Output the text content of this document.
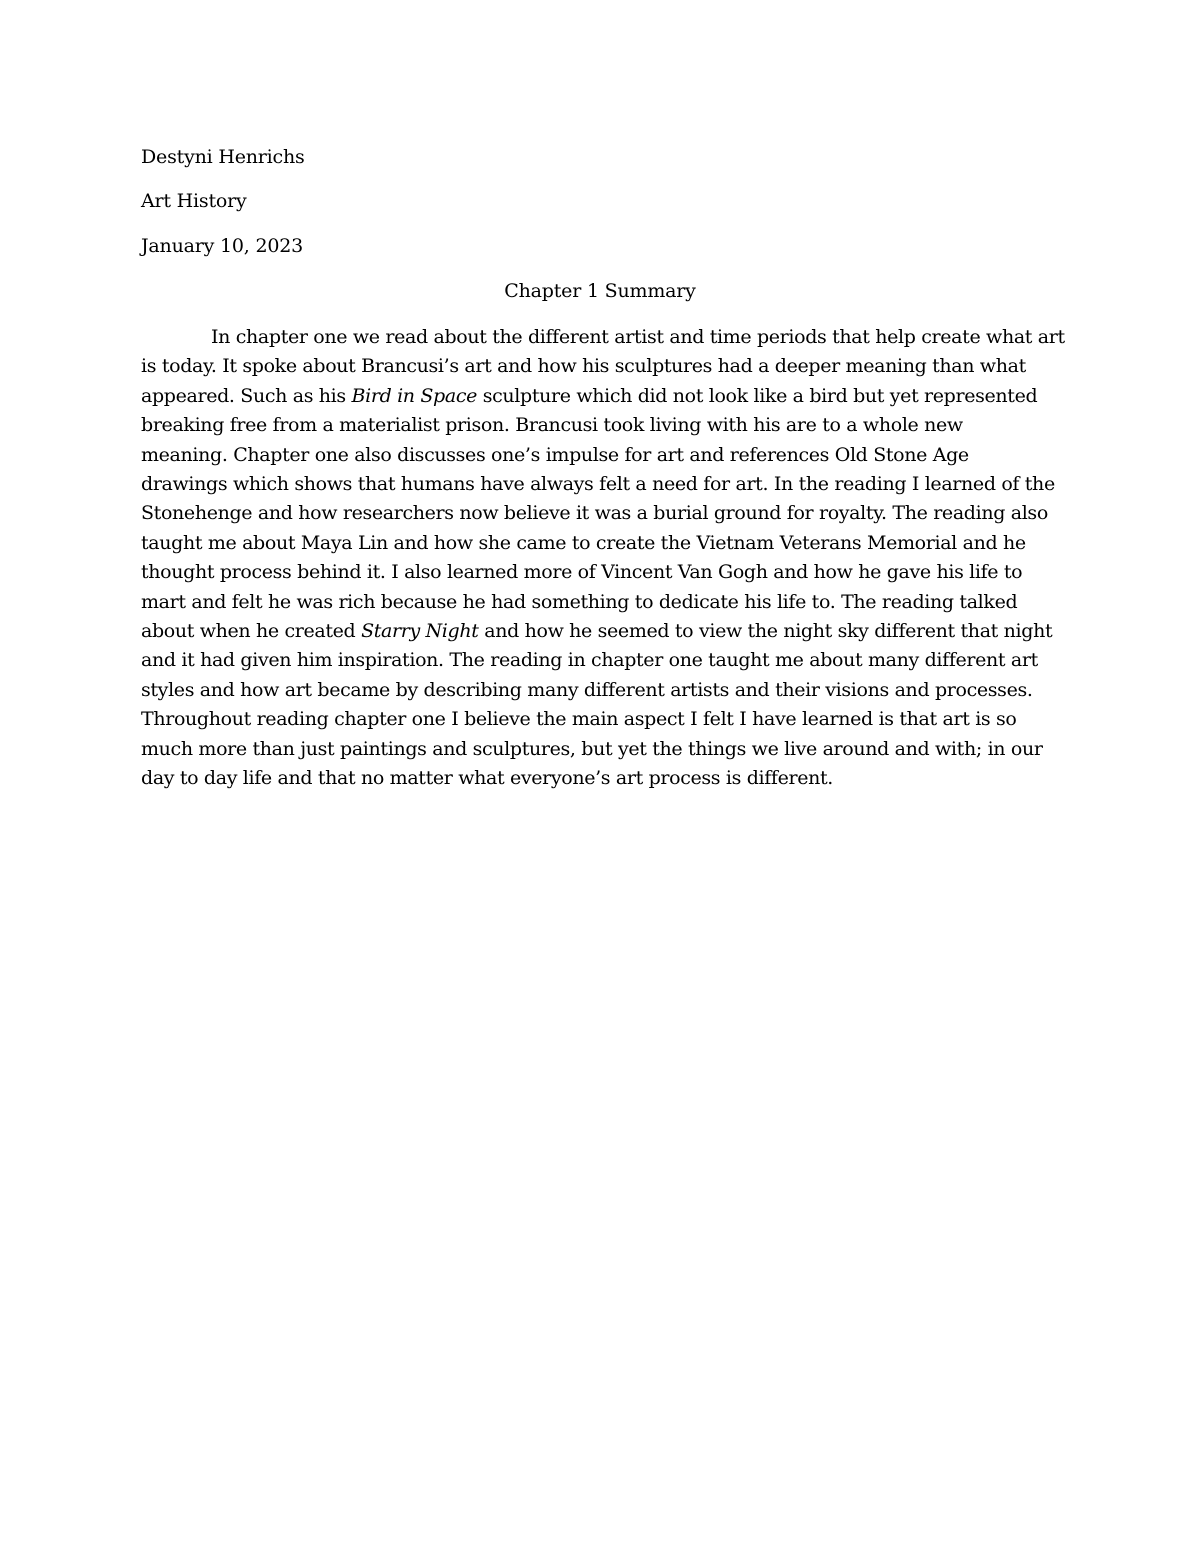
Destyni Henrichs
Art History
January 10, 2023
Chapter 1 Summary
In chapter one we read about the different artist and time periods that help create what art
is today. It spoke about Brancusi’s art and how his sculptures had a deeper meaning than what
appeared. Such as his Bird in Space sculpture which did not look like a bird but yet represented
breaking free from a materialist prison. Brancusi took living with his are to a whole new
meaning. Chapter one also discusses one’s impulse for art and references Old Stone Age
drawings which shows that humans have always felt a need for art. In the reading I learned of the
Stonehenge and how researchers now believe it was a burial ground for royalty. The reading also
taught me about Maya Lin and how she came to create the Vietnam Veterans Memorial and he
thought process behind it. I also learned more of Vincent Van Gogh and how he gave his life to
mart and felt he was rich because he had something to dedicate his life to. The reading talked
about when he created Starry Night and how he seemed to view the night sky different that night
and it had given him inspiration. The reading in chapter one taught me about many different art
styles and how art became by describing many different artists and their visions and processes.
Throughout reading chapter one I believe the main aspect I felt I have learned is that art is so
much more than just paintings and sculptures, but yet the things we live around and with; in our
day to day life and that no matter what everyone’s art process is different.
